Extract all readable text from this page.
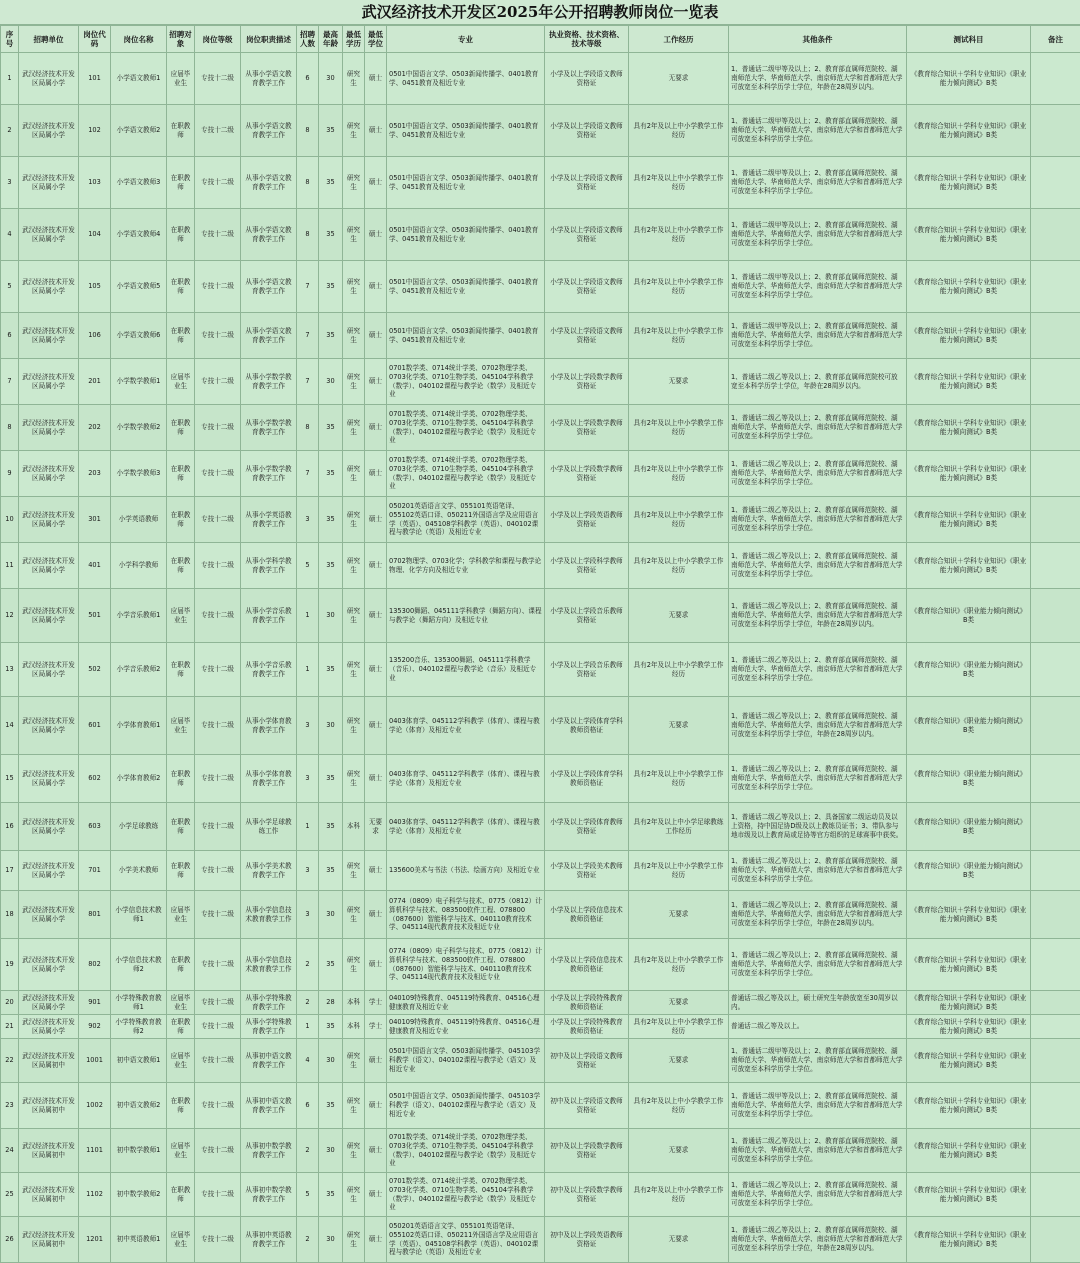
武汉经济技术开发区2025年公开招聘教师岗位一览表
序号	招聘单位	岗位代码	岗位名称	招聘对象	岗位等级	岗位职责描述	招聘人数	最高年龄	最低学历	最低学位	专业	执业资格、技术资格、技术等级	工作经历	其他条件	测试科目	备注
1	武汉经济技术开发区局属小学	101	小学语文教师1	应届毕业生	专技十二级	从事小学语文教育教学工作	6	30	研究生	硕士	0501中国语言文学、0503新闻传播学、0401教育学、0451教育及相近专业	小学及以上学段语文教师资格证	无要求	1、普通话二级甲等及以上；2、教育部直属师范院校、湖南师范大学、华南师范大学、南京师范大学和首都师范大学可放宽至本科学历学士学位，年龄在28周岁以内。	《教育综合知识＋学科专业知识》《职业能力倾向测试》B类	
2	武汉经济技术开发区局属小学	102	小学语文教师2	在职教师	专技十二级	从事小学语文教育教学工作	8	35	研究生	硕士	0501中国语言文学、0503新闻传播学、0401教育学、0451教育及相近专业	小学及以上学段语文教师资格证	具有2年及以上中小学教学工作经历	1、普通话二级甲等及以上；2、教育部直属师范院校、湖南师范大学、华南师范大学、南京师范大学和首都师范大学可放宽至本科学历学士学位。	《教育综合知识＋学科专业知识》《职业能力倾向测试》B类	
3	武汉经济技术开发区局属小学	103	小学语文教师3	在职教师	专技十二级	从事小学语文教育教学工作	8	35	研究生	硕士	0501中国语言文学、0503新闻传播学、0401教育学、0451教育及相近专业	小学及以上学段语文教师资格证	具有2年及以上中小学教学工作经历	1、普通话二级甲等及以上；2、教育部直属师范院校、湖南师范大学、华南师范大学、南京师范大学和首都师范大学可放宽至本科学历学士学位。	《教育综合知识＋学科专业知识》《职业能力倾向测试》B类	
4	武汉经济技术开发区局属小学	104	小学语文教师4	在职教师	专技十二级	从事小学语文教育教学工作	8	35	研究生	硕士	0501中国语言文学、0503新闻传播学、0401教育学、0451教育及相近专业	小学及以上学段语文教师资格证	具有2年及以上中小学教学工作经历	1、普通话二级甲等及以上；2、教育部直属师范院校、湖南师范大学、华南师范大学、南京师范大学和首都师范大学可放宽至本科学历学士学位。	《教育综合知识＋学科专业知识》《职业能力倾向测试》B类	
5	武汉经济技术开发区局属小学	105	小学语文教师5	在职教师	专技十二级	从事小学语文教育教学工作	7	35	研究生	硕士	0501中国语言文学、0503新闻传播学、0401教育学、0451教育及相近专业	小学及以上学段语文教师资格证	具有2年及以上中小学教学工作经历	1、普通话二级甲等及以上；2、教育部直属师范院校、湖南师范大学、华南师范大学、南京师范大学和首都师范大学可放宽至本科学历学士学位。	《教育综合知识＋学科专业知识》《职业能力倾向测试》B类	
6	武汉经济技术开发区局属小学	106	小学语文教师6	在职教师	专技十二级	从事小学语文教育教学工作	7	35	研究生	硕士	0501中国语言文学、0503新闻传播学、0401教育学、0451教育及相近专业	小学及以上学段语文教师资格证	具有2年及以上中小学教学工作经历	1、普通话二级甲等及以上；2、教育部直属师范院校、湖南师范大学、华南师范大学、南京师范大学和首都师范大学可放宽至本科学历学士学位。	《教育综合知识＋学科专业知识》《职业能力倾向测试》B类	
7	武汉经济技术开发区局属小学	201	小学数学教师1	应届毕业生	专技十二级	从事小学数学教育教学工作	7	30	研究生	硕士	0701数学类、0714统计学类、0702物理学类、0703化学类、0710生物学类、045104学科教学（数学）、040102课程与教学论（数学）及相近专业	小学及以上学段数学教师资格证	无要求	1、普通话二级乙等及以上；2、教育部直属师范院校可放宽至本科学历学士学位，年龄在28周岁以内。	《教育综合知识＋学科专业知识》《职业能力倾向测试》B类	
8	武汉经济技术开发区局属小学	202	小学数学教师2	在职教师	专技十二级	从事小学数学教育教学工作	8	35	研究生	硕士	0701数学类、0714统计学类、0702物理学类、0703化学类、0710生物学类、045104学科教学（数学）、040102课程与教学论（数学）及相近专业	小学及以上学段数学教师资格证	具有2年及以上中小学教学工作经历	1、普通话二级乙等及以上；2、教育部直属师范院校、湖南师范大学、华南师范大学、南京师范大学和首都师范大学可放宽至本科学历学士学位。	《教育综合知识＋学科专业知识》《职业能力倾向测试》B类	
9	武汉经济技术开发区局属小学	203	小学数学教师3	在职教师	专技十二级	从事小学数学教育教学工作	7	35	研究生	硕士	0701数学类、0714统计学类、0702物理学类、0703化学类、0710生物学类、045104学科教学（数学）、040102课程与教学论（数学）及相近专业	小学及以上学段数学教师资格证	具有2年及以上中小学教学工作经历	1、普通话二级乙等及以上；2、教育部直属师范院校、湖南师范大学、华南师范大学、南京师范大学和首都师范大学可放宽至本科学历学士学位。	《教育综合知识＋学科专业知识》《职业能力倾向测试》B类	
10	武汉经济技术开发区局属小学	301	小学英语教师	在职教师	专技十二级	从事小学英语教育教学工作	3	35	研究生	硕士	050201英语语言文学、055101英语笔译、055102英语口译、050211外国语言学及应用语言学（英语）、045108学科教学（英语）、040102课程与教学论（英语）及相近专业	小学及以上学段英语教师资格证	具有2年及以上中小学教学工作经历	1、普通话二级乙等及以上；2、教育部直属师范院校、湖南师范大学、华南师范大学、南京师范大学和首都师范大学可放宽至本科学历学士学位。	《教育综合知识＋学科专业知识》《职业能力倾向测试》B类	
11	武汉经济技术开发区局属小学	401	小学科学教师	在职教师	专技十二级	从事小学科学教育教学工作	5	35	研究生	硕士	0702物理学、0703化学；学科教学和课程与教学论物理、化学方向及相近专业	小学及以上学段科学教师资格证	具有2年及以上中小学教学工作经历	1、普通话二级乙等及以上；2、教育部直属师范院校、湖南师范大学、华南师范大学、南京师范大学和首都师范大学可放宽至本科学历学士学位。	《教育综合知识＋学科专业知识》《职业能力倾向测试》B类	
12	武汉经济技术开发区局属小学	501	小学音乐教师1	应届毕业生	专技十二级	从事小学音乐教育教学工作	1	30	研究生	硕士	135300舞蹈、045111学科教学（舞蹈方向）、课程与教学论（舞蹈方向）及相近专业	小学及以上学段音乐教师资格证	无要求	1、普通话二级乙等及以上；2、教育部直属师范院校、湖南师范大学、华南师范大学、南京师范大学和首都师范大学可放宽至本科学历学士学位，年龄在28周岁以内。	《教育综合知识》《职业能力倾向测试》B类	
13	武汉经济技术开发区局属小学	502	小学音乐教师2	在职教师	专技十二级	从事小学音乐教育教学工作	1	35	研究生	硕士	135200音乐、135300舞蹈、045111学科教学（音乐）、040102课程与教学论（音乐）及相近专业	小学及以上学段音乐教师资格证	具有2年及以上中小学教学工作经历	1、普通话二级乙等及以上；2、教育部直属师范院校、湖南师范大学、华南师范大学、南京师范大学和首都师范大学可放宽至本科学历学士学位。	《教育综合知识》《职业能力倾向测试》B类	
14	武汉经济技术开发区局属小学	601	小学体育教师1	应届毕业生	专技十二级	从事小学体育教育教学工作	3	30	研究生	硕士	0403体育学、045112学科教学（体育）、课程与教学论（体育）及相近专业	小学及以上学段体育学科教师资格证	无要求	1、普通话二级乙等及以上；2、教育部直属师范院校、湖南师范大学、华南师范大学、南京师范大学和首都师范大学可放宽至本科学历学士学位，年龄在28周岁以内。	《教育综合知识》《职业能力倾向测试》B类	
15	武汉经济技术开发区局属小学	602	小学体育教师2	在职教师	专技十二级	从事小学体育教育教学工作	3	35	研究生	硕士	0403体育学、045112学科教学（体育）、课程与教学论（体育）及相近专业	小学及以上学段体育学科教师资格证	具有2年及以上中小学教学工作经历	1、普通话二级乙等及以上；2、教育部直属师范院校、湖南师范大学、华南师范大学、南京师范大学和首都师范大学可放宽至本科学历学士学位。	《教育综合知识》《职业能力倾向测试》B类	
16	武汉经济技术开发区局属小学	603	小学足球教练	在职教师	专技十二级	从事小学足球教练工作	1	35	本科	无要求	0403体育学、045112学科教学（体育）、课程与教学论（体育）及相近专业	小学及以上学段体育教师资格证	具有2年及以上中小学足球教练工作经历	1、普通话二级乙等及以上；2、具备国家二级运动员及以上资格，持中国足协D级及以上教练员证书；3、带队参与地市级及以上教育局或足协等官方组织的足球赛事中获奖。	《教育综合知识》《职业能力倾向测试》B类	
17	武汉经济技术开发区局属小学	701	小学美术教师	在职教师	专技十二级	从事小学美术教育教学工作	3	35	研究生	硕士	135600美术与书法（书法、绘画方向）及相近专业	小学及以上学段美术教师资格证	具有2年及以上中小学教学工作经历	1、普通话二级乙等及以上；2、教育部直属师范院校、湖南师范大学、华南师范大学、南京师范大学和首都师范大学可放宽至本科学历学士学位。	《教育综合知识》《职业能力倾向测试》B类	
18	武汉经济技术开发区局属小学	801	小学信息技术教师1	应届毕业生	专技十二级	从事小学信息技术教育教学工作	3	30	研究生	硕士	0774（0809）电子科学与技术、0775（0812）计算机科学与技术、083500软件工程、078800（087600）智能科学与技术、040110教育技术学、045114现代教育技术及相近专业	小学及以上学段信息技术教师资格证	无要求	1、普通话二级乙等及以上；2、教育部直属师范院校、湖南师范大学、华南师范大学、南京师范大学和首都师范大学可放宽至本科学历学士学位，年龄在28周岁以内。	《教育综合知识＋学科专业知识》《职业能力倾向测试》B类	
19	武汉经济技术开发区局属小学	802	小学信息技术教师2	在职教师	专技十二级	从事小学信息技术教育教学工作	2	35	研究生	硕士	0774（0809）电子科学与技术、0775（0812）计算机科学与技术、083500软件工程、078800（087600）智能科学与技术、040110教育技术学、045114现代教育技术及相近专业	小学及以上学段信息技术教师资格证	具有2年及以上中小学教学工作经历	1、普通话二级乙等及以上；2、教育部直属师范院校、湖南师范大学、华南师范大学、南京师范大学和首都师范大学可放宽至本科学历学士学位。	《教育综合知识＋学科专业知识》《职业能力倾向测试》B类	
20	武汉经济技术开发区局属小学	901	小学特殊教育教师1	应届毕业生	专技十二级	从事小学特殊教育教学工作	2	28	本科	学士	040109特殊教育、045119特殊教育、04516心理健康教育及相近专业	小学及以上学段特殊教育教师资格证	无要求	普通话二级乙等及以上，硕士研究生年龄放宽至30周岁以内。	《教育综合知识＋学科专业知识》《职业能力倾向测试》B类	
21	武汉经济技术开发区局属小学	902	小学特殊教育教师2	在职教师	专技十二级	从事小学特殊教育教学工作	1	35	本科	学士	040109特殊教育、045119特殊教育、04516心理健康教育及相近专业	小学及以上学段特殊教育教师资格证	具有2年及以上中小学教学工作经历	普通话二级乙等及以上。	《教育综合知识＋学科专业知识》《职业能力倾向测试》B类	
22	武汉经济技术开发区局属初中	1001	初中语文教师1	应届毕业生	专技十二级	从事初中语文教育教学工作	4	30	研究生	硕士	0501中国语言文学、0503新闻传播学、045103学科教学（语文）、040102课程与教学论（语文）及相近专业	初中及以上学段语文教师资格证	无要求	1、普通话二级甲等及以上；2、教育部直属师范院校、湖南师范大学、华南师范大学、南京师范大学和首都师范大学可放宽至本科学历学士学位。	《教育综合知识＋学科专业知识》《职业能力倾向测试》B类	
23	武汉经济技术开发区局属初中	1002	初中语文教师2	在职教师	专技十二级	从事初中语文教育教学工作	6	35	研究生	硕士	0501中国语言文学、0503新闻传播学、045103学科教学（语文）、040102课程与教学论（语文）及相近专业	初中及以上学段语文教师资格证	具有2年及以上中小学教学工作经历	1、普通话二级甲等及以上；2、教育部直属师范院校、湖南师范大学、华南师范大学、南京师范大学和首都师范大学可放宽至本科学历学士学位。	《教育综合知识＋学科专业知识》《职业能力倾向测试》B类	
24	武汉经济技术开发区局属初中	1101	初中数学教师1	应届毕业生	专技十二级	从事初中数学教育教学工作	2	30	研究生	硕士	0701数学类、0714统计学类、0702物理学类、0703化学类、0710生物学类、045104学科教学（数学）、040102课程与教学论（数学）及相近专业	初中及以上学段数学教师资格证	无要求	1、普通话二级乙等及以上；2、教育部直属师范院校、湖南师范大学、华南师范大学、南京师范大学和首都师范大学可放宽至本科学历学士学位。	《教育综合知识＋学科专业知识》《职业能力倾向测试》B类	
25	武汉经济技术开发区局属初中	1102	初中数学教师2	在职教师	专技十二级	从事初中数学教育教学工作	5	35	研究生	硕士	0701数学类、0714统计学类、0702物理学类、0703化学类、0710生物学类、045104学科教学（数学）、040102课程与教学论（数学）及相近专业	初中及以上学段数学教师资格证	具有2年及以上中小学教学工作经历	1、普通话二级乙等及以上；2、教育部直属师范院校、湖南师范大学、华南师范大学、南京师范大学和首都师范大学可放宽至本科学历学士学位。	《教育综合知识＋学科专业知识》《职业能力倾向测试》B类	
26	武汉经济技术开发区局属初中	1201	初中英语教师1	应届毕业生	专技十二级	从事初中英语教育教学工作	2	30	研究生	硕士	050201英语语言文学、055101英语笔译、055102英语口译、050211外国语言学及应用语言学（英语）、045108学科教学（英语）、040102课程与教学论（英语）及相近专业	初中及以上学段英语教师资格证	无要求	1、普通话二级乙等及以上；2、教育部直属师范院校、湖南师范大学、华南师范大学、南京师范大学和首都师范大学可放宽至本科学历学士学位，年龄在28周岁以内。	《教育综合知识＋学科专业知识》《职业能力倾向测试》B类	
